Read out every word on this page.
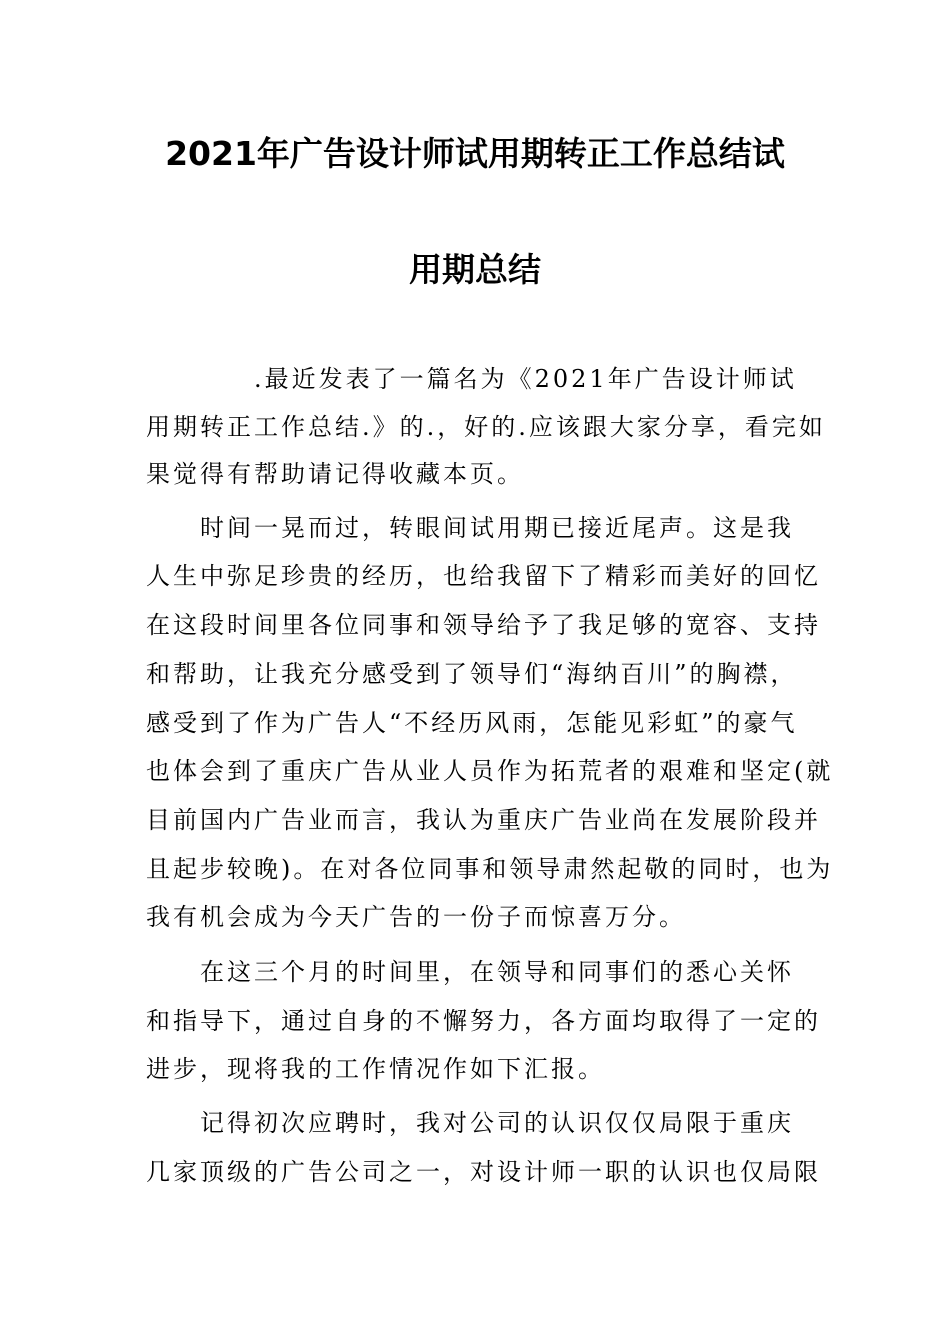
2021年广告设计师试用期转正工作总结试
用期总结
　　　　.最近发表了一篇名为《2021年广告设计师试
用期转正工作总结.》的.，好的.应该跟大家分享，看完如
果觉得有帮助请记得收藏本页。
　　时间一晃而过，转眼间试用期已接近尾声。这是我
人生中弥足珍贵的经历，也给我留下了精彩而美好的回忆
在这段时间里各位同事和领导给予了我足够的宽容、支持
和帮助，让我充分感受到了领导们“海纳百川”的胸襟，
感受到了作为广告人“不经历风雨，怎能见彩虹”的豪气
也体会到了重庆广告从业人员作为拓荒者的艰难和坚定(就
目前国内广告业而言，我认为重庆广告业尚在发展阶段并
且起步较晚)。在对各位同事和领导肃然起敬的同时，也为
我有机会成为今天广告的一份子而惊喜万分。
　　在这三个月的时间里，在领导和同事们的悉心关怀
和指导下，通过自身的不懈努力，各方面均取得了一定的
进步，现将我的工作情况作如下汇报。
　　记得初次应聘时，我对公司的认识仅仅局限于重庆
几家顶级的广告公司之一，对设计师一职的认识也仅局限
